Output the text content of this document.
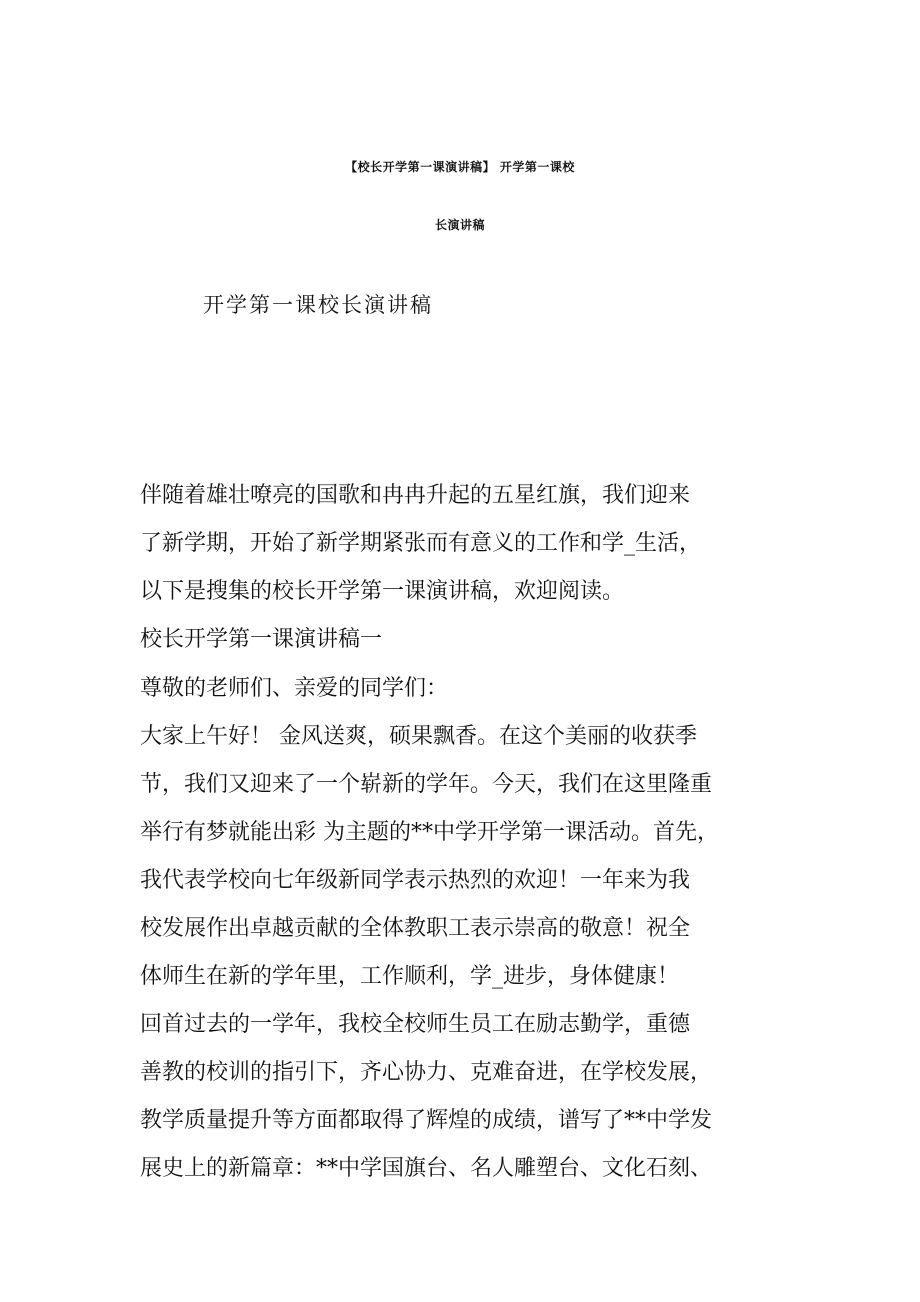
【校长开学第一课演讲稿】 开学第一课校
长演讲稿
开学第一课校长演讲稿
伴随着雄壮嘹亮的国歌和冉冉升起的五星红旗，我们迎来
了新学期，开始了新学期紧张而有意义的工作和学_生活，
以下是搜集的校长开学第一课演讲稿，欢迎阅读。
校长开学第一课演讲稿一
尊敬的老师们、亲爱的同学们：
大家上午好！ 金风送爽，硕果飘香。在这个美丽的收获季
节，我们又迎来了一个崭新的学年。今天，我们在这里隆重
举行有梦就能出彩 为主题的**中学开学第一课活动。首先，
我代表学校向七年级新同学表示热烈的欢迎！一年来为我
校发展作出卓越贡献的全体教职工表示崇高的敬意！祝全
体师生在新的学年里，工作顺利，学_进步，身体健康！
回首过去的一学年，我校全校师生员工在励志勤学，重德
善教的校训的指引下，齐心协力、克难奋进，在学校发展，
教学质量提升等方面都取得了辉煌的成绩，谱写了**中学发
展史上的新篇章：**中学国旗台、名人雕塑台、文化石刻、
